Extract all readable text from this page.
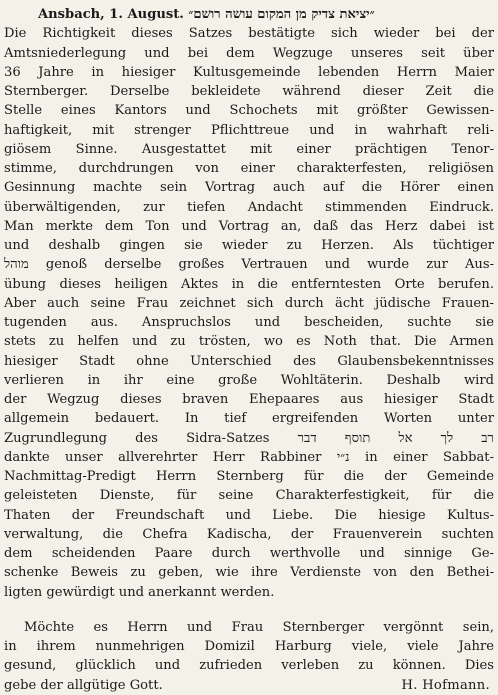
Ansbach, 1. August. ״יציאת צדיק מן המקום עושה רושם״
Die Richtigkeit dieses Satzes bestätigte sich wieder bei der
Amtsniederlegung und bei dem Wegzuge unseres seit über
36 Jahre in hiesiger Kultusgemeinde lebenden Herrn Maier
Sternberger. Derselbe bekleidete während dieser Zeit die
Stelle eines Kantors und Schochets mit größter Gewissen-
haftigkeit, mit strenger Pflichttreue und in wahrhaft reli-
giösem Sinne. Ausgestattet mit einer prächtigen Tenor-
stimme, durchdrungen von einer charakterfesten, religiösen
Gesinnung machte sein Vortrag auch auf die Hörer einen
überwältigenden, zur tiefen Andacht stimmenden Eindruck.
Man merkte dem Ton und Vortrag an, daß das Herz dabei ist
und deshalb gingen sie wieder zu Herzen. Als tüchtiger
מוהל genoß derselbe großes Vertrauen und wurde zur Aus-
übung dieses heiligen Aktes in die entferntesten Orte berufen.
Aber auch seine Frau zeichnet sich durch ächt jüdische Frauen-
tugenden aus. Anspruchslos und bescheiden, suchte sie
stets zu helfen und zu trösten, wo es Noth that. Die Armen
hiesiger Stadt ohne Unterschied des Glaubensbekenntnisses
verlieren in ihr eine große Wohltäterin. Deshalb wird
der Wegzug dieses braven Ehepaares aus hiesiger Stadt
allgemein bedauert. In tief ergreifenden Worten unter
Zugrundlegung des Sidra-Satzes רב לך אל תוסף דבר
dankte unser allverehrter Herr Rabbiner נ״י in einer Sabbat-
Nachmittag-Predigt Herrn Sternberg für die der Gemeinde
geleisteten Dienste, für seine Charakterfestigkeit, für die
Thaten der Freundschaft und Liebe. Die hiesige Kultus-
verwaltung, die Chefra Kadischa, der Frauenverein suchten
dem scheidenden Paare durch werthvolle und sinnige Ge-
schenke Beweis zu geben, wie ihre Verdienste von den Bethei-
ligten gewürdigt und anerkannt werden.
Möchte es Herrn und Frau Sternberger vergönnt sein,
in ihrem nunmehrigen Domizil Harburg viele, viele Jahre
gesund, glücklich und zufrieden verleben zu können. Dies
gebe der allgütige Gott.	H. Hofmann.
